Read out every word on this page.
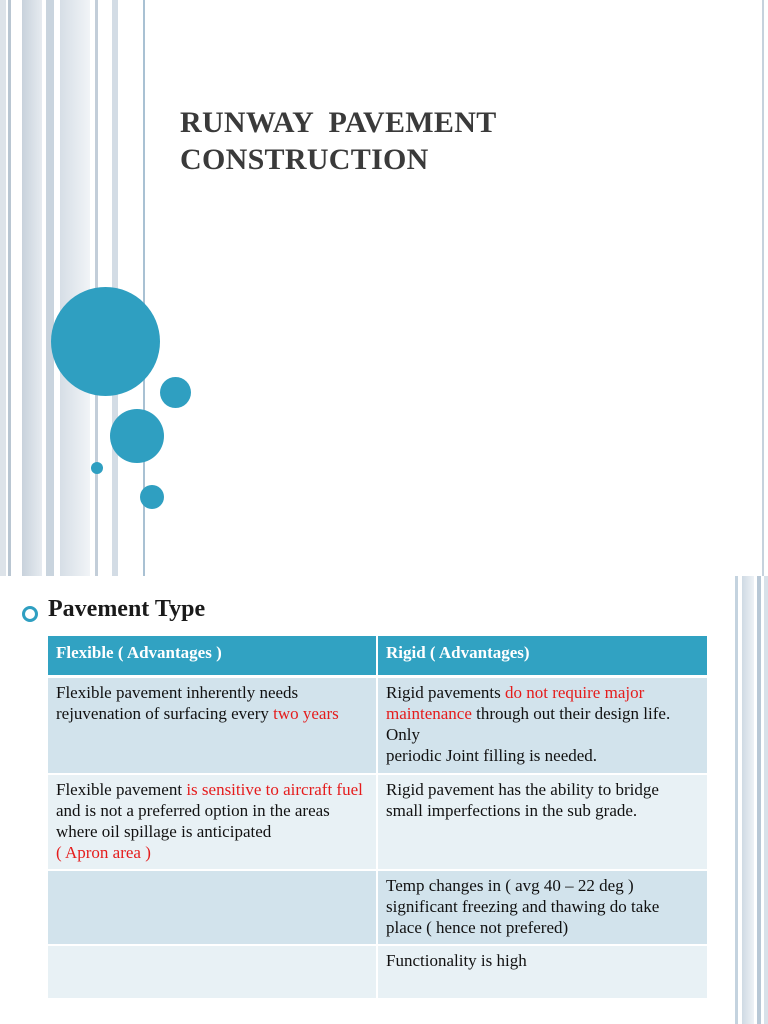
RUNWAY  PAVEMENT
CONSTRUCTION
Pavement Type
Flexible ( Advantages )	Rigid ( Advantages)
Flexible pavement inherently needs rejuvenation of surfacing every two years	Rigid pavements do not require major maintenance through out their design life. Only
periodic Joint filling is needed.
Flexible pavement is sensitive to aircraft fuel and is not a preferred option in the areas where oil spillage is anticipated
( Apron area )	Rigid pavement has the ability to bridge small imperfections in the sub grade.
	Temp changes in ( avg 40 – 22 deg ) significant freezing and thawing do take place ( hence not prefered)
	Functionality is high
